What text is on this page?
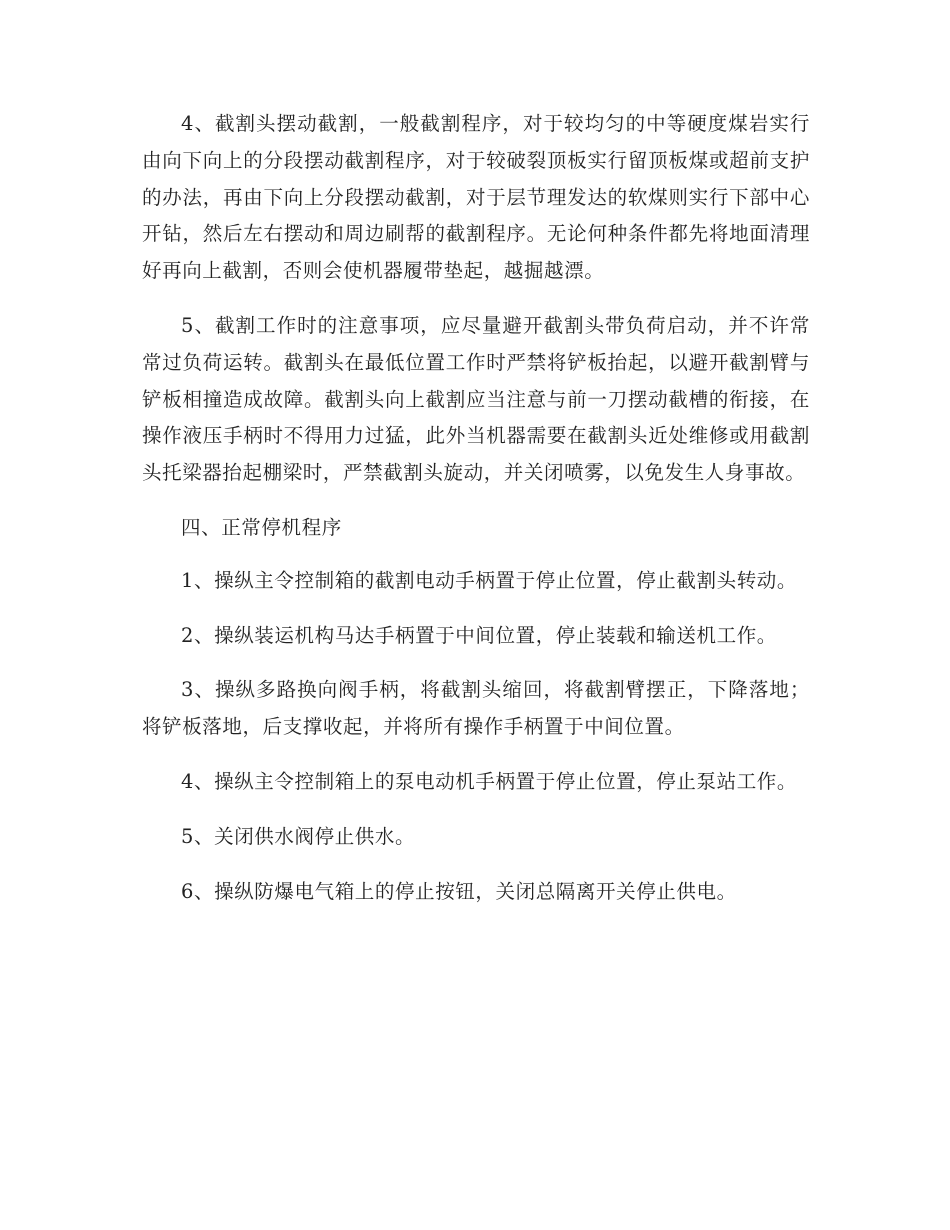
4、截割头摆动截割，一般截割程序，对于较均匀的中等硬度煤岩实行由向下向上的分段摆动截割程序，对于较破裂顶板实行留顶板煤或超前支护的办法，再由下向上分段摆动截割，对于层节理发达的软煤则实行下部中心开钻，然后左右摆动和周边刷帮的截割程序。无论何种条件都先将地面清理好再向上截割，否则会使机器履带垫起，越掘越漂。

5、截割工作时的注意事项，应尽量避开截割头带负荷启动，并不许常常过负荷运转。截割头在最低位置工作时严禁将铲板抬起，以避开截割臂与铲板相撞造成故障。截割头向上截割应当注意与前一刀摆动截槽的衔接，在操作液压手柄时不得用力过猛，此外当机器需要在截割头近处维修或用截割头托梁器抬起棚梁时，严禁截割头旋动，并关闭喷雾，以免发生人身事故。

四、正常停机程序

1、操纵主令控制箱的截割电动手柄置于停止位置，停止截割头转动。

2、操纵装运机构马达手柄置于中间位置，停止装载和输送机工作。

3、操纵多路换向阀手柄，将截割头缩回，将截割臂摆正，下降落地；将铲板落地，后支撑收起，并将所有操作手柄置于中间位置。

4、操纵主令控制箱上的泵电动机手柄置于停止位置，停止泵站工作。

5、关闭供水阀停止供水。

6、操纵防爆电气箱上的停止按钮，关闭总隔离开关停止供电。
